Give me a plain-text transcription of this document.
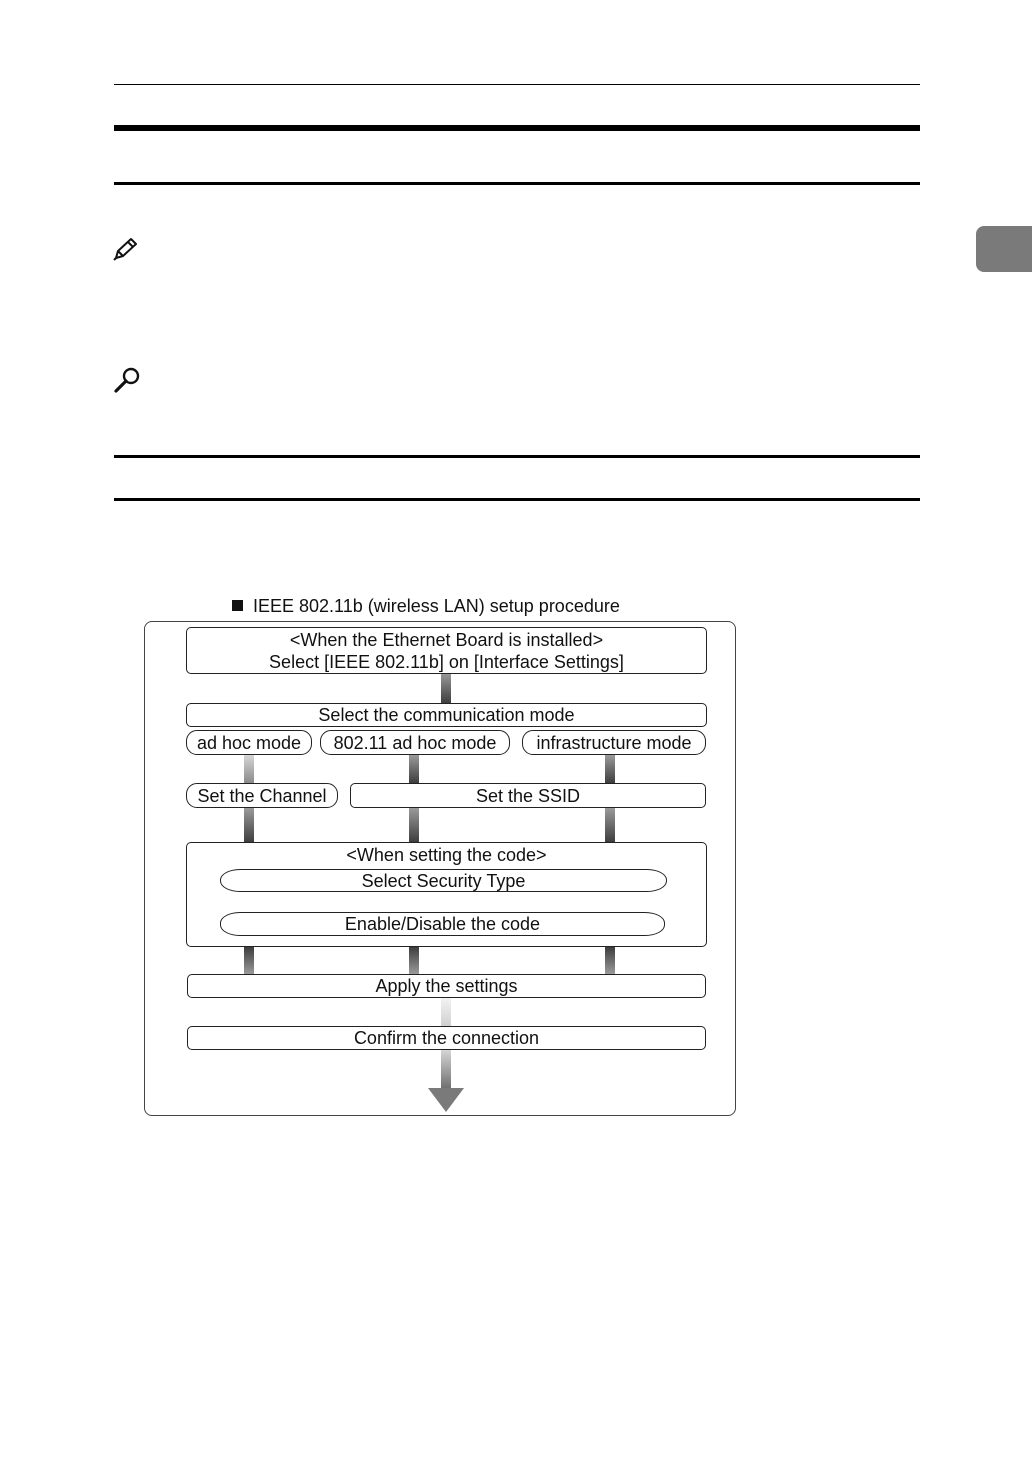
IEEE 802.11b (wireless LAN) setup procedure
<When the Ethernet Board is installed>
Select [IEEE 802.11b] on [Interface Settings]
Select the communication mode
ad hoc mode 802.11 ad hoc mode infrastructure mode
Set the Channel	Set the SSID
<When setting the code>
Select Security Type
Enable/Disable the code
Apply the settings
Confirm the connection
